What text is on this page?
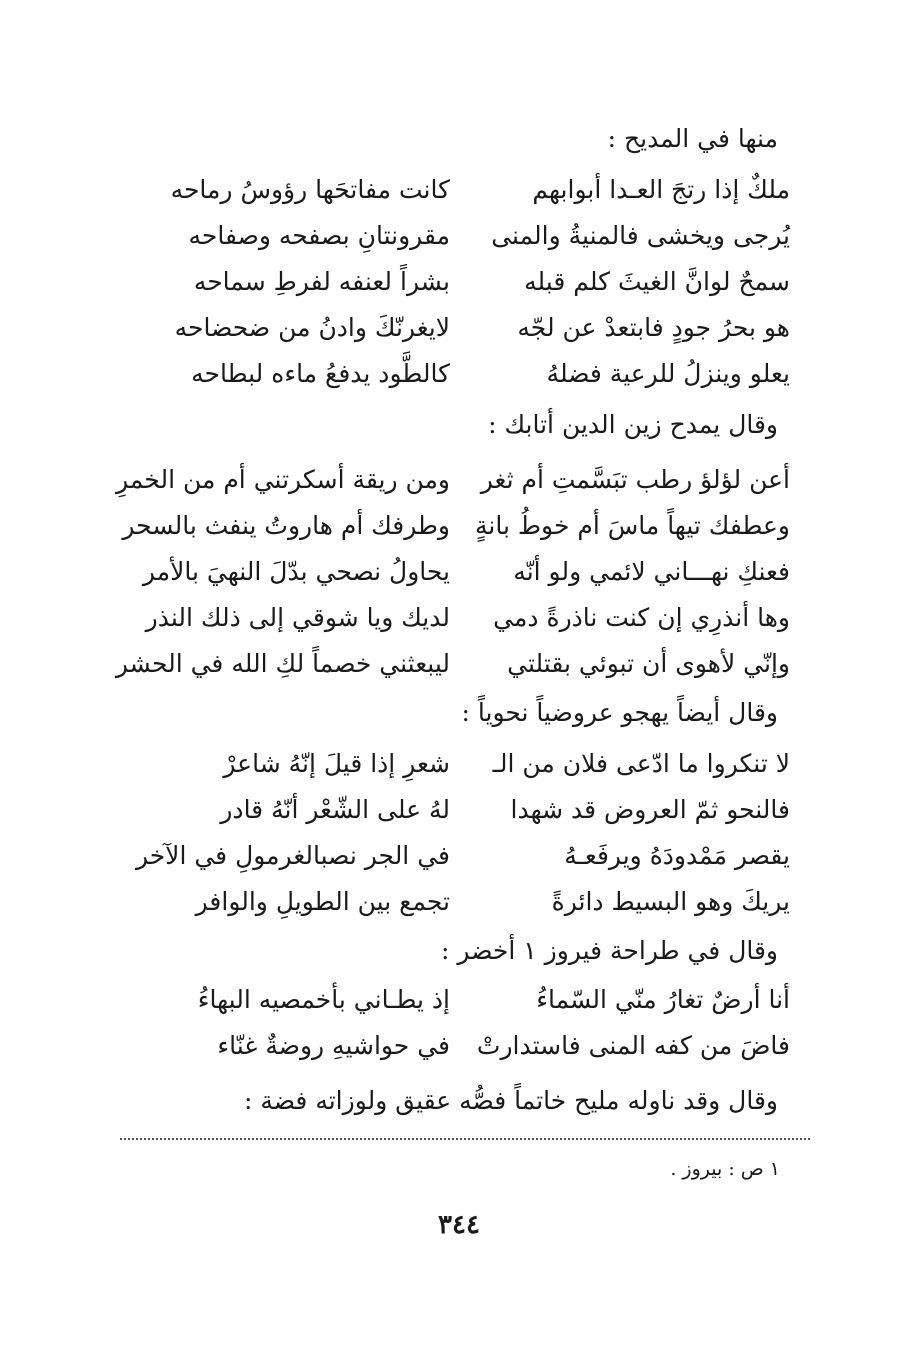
منها في المديح :
ملكٌ إذا رتجَ العـدا أبوابهم
كانت مفاتحَها رؤوسُ رماحه
يُرجى ويخشى فالمنيةُ والمنى
مقرونتانِ بصفحه وصفاحه
سمحٌ لوانَّ الغيثَ كلم قبله
بشراً لعنفه لفرطِ سماحه
هو بحرُ جودٍ فابتعدْ عن لجّه
لايغرنّكَ وادنُ من ضحضاحه
يعلو وينزلُ للرعية فضلهُ
كالطَّود يدفعُ ماءه لبطاحه
وقال يمدح زين الدين أتابك :
أعن لؤلؤ رطب تبَسَّمتِ أم ثغر
ومن ريقة أسكرتني أم من الخمرِ
وعطفك تيهاً ماسَ أم خوطُ بانةٍ
وطرفك أم هاروتُ ينفث بالسحر
فعنكِ نهـــاني لائمي ولو أنّه
يحاولُ نصحي بدّلَ النهيَ بالأمر
وها أنذرِي إن كنت ناذرةً دمي
لديك ويا شوقي إلى ذلك النذر
وإنّي لأهوى أن تبوئي بقتلتي
ليبعثني خصماً لكِ الله في الحشر
وقال أيضاً يهجو عروضياً نحوياً :
لا تنكروا ما ادّعى فلان من الـ
شعرِ إذا قيلَ إنّهُ شاعرْ
فالنحو ثمّ العروض قد شهدا
لهُ على الشّعْر أنّهُ قادر
يقصر مَمْدودَهُ ويرفَعـهُ
في الجر نصبالغرمولِ في الآخر
يريكَ وهو البسيط دائرةً
تجمع بين الطويلِ والوافر
وقال في طراحة فيروز ١ أخضر :
أنا أرضٌ تغارُ منّي السّماءُ
إذ يطـاني بأخمصيه البهاءُ
فاضَ من كفه المنى فاستدارتْ
في حواشيهِ روضةٌ غنّاء
وقال وقد ناوله مليح خاتماً فصُّه عقيق ولوزاته فضة :
١ ص : بيروز .
٣٤٤
